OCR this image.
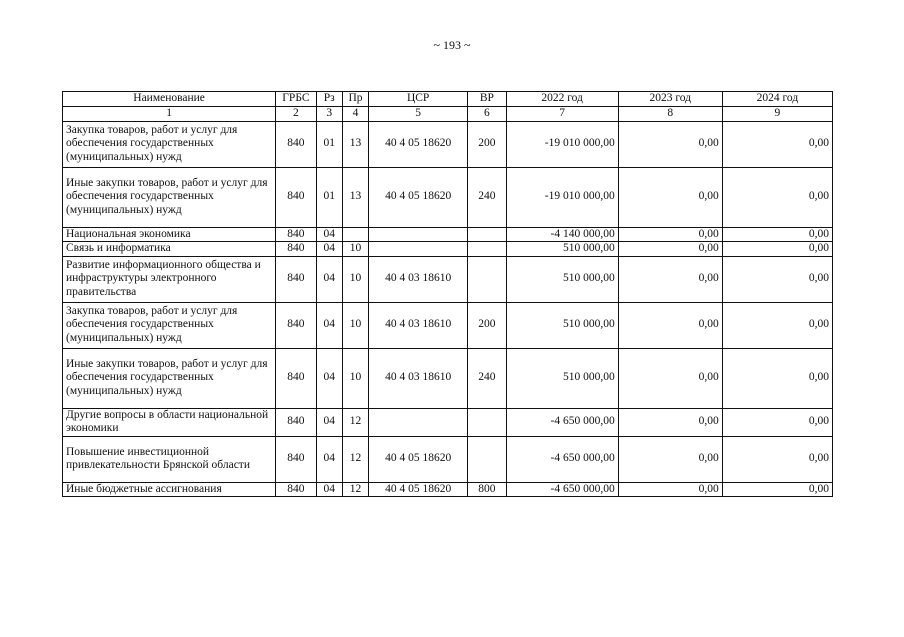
~ 193 ~
Наименование	ГРБС	Рз	Пр	ЦСР	ВР	2022 год	2023 год	2024 год
1	2	3	4	5	6	7	8	9
Закупка товаров, работ и услуг для обеспечения государственных (муниципальных) нужд	840	01	13	40 4 05 18620	200	-19 010 000,00	0,00	0,00
Иные закупки товаров, работ и услуг для обеспечения государственных (муниципальных) нужд	840	01	13	40 4 05 18620	240	-19 010 000,00	0,00	0,00
Национальная экономика	840	04				-4 140 000,00	0,00	0,00
Связь и информатика	840	04	10			510 000,00	0,00	0,00
Развитие информационного общества и инфраструктуры электронного правительства	840	04	10	40 4 03 18610		510 000,00	0,00	0,00
Закупка товаров, работ и услуг для обеспечения государственных (муниципальных) нужд	840	04	10	40 4 03 18610	200	510 000,00	0,00	0,00
Иные закупки товаров, работ и услуг для обеспечения государственных (муниципальных) нужд	840	04	10	40 4 03 18610	240	510 000,00	0,00	0,00
Другие вопросы в области национальной экономики	840	04	12			-4 650 000,00	0,00	0,00
Повышение инвестиционной привлекательности Брянской области	840	04	12	40 4 05 18620		-4 650 000,00	0,00	0,00
Иные бюджетные ассигнования	840	04	12	40 4 05 18620	800	-4 650 000,00	0,00	0,00
